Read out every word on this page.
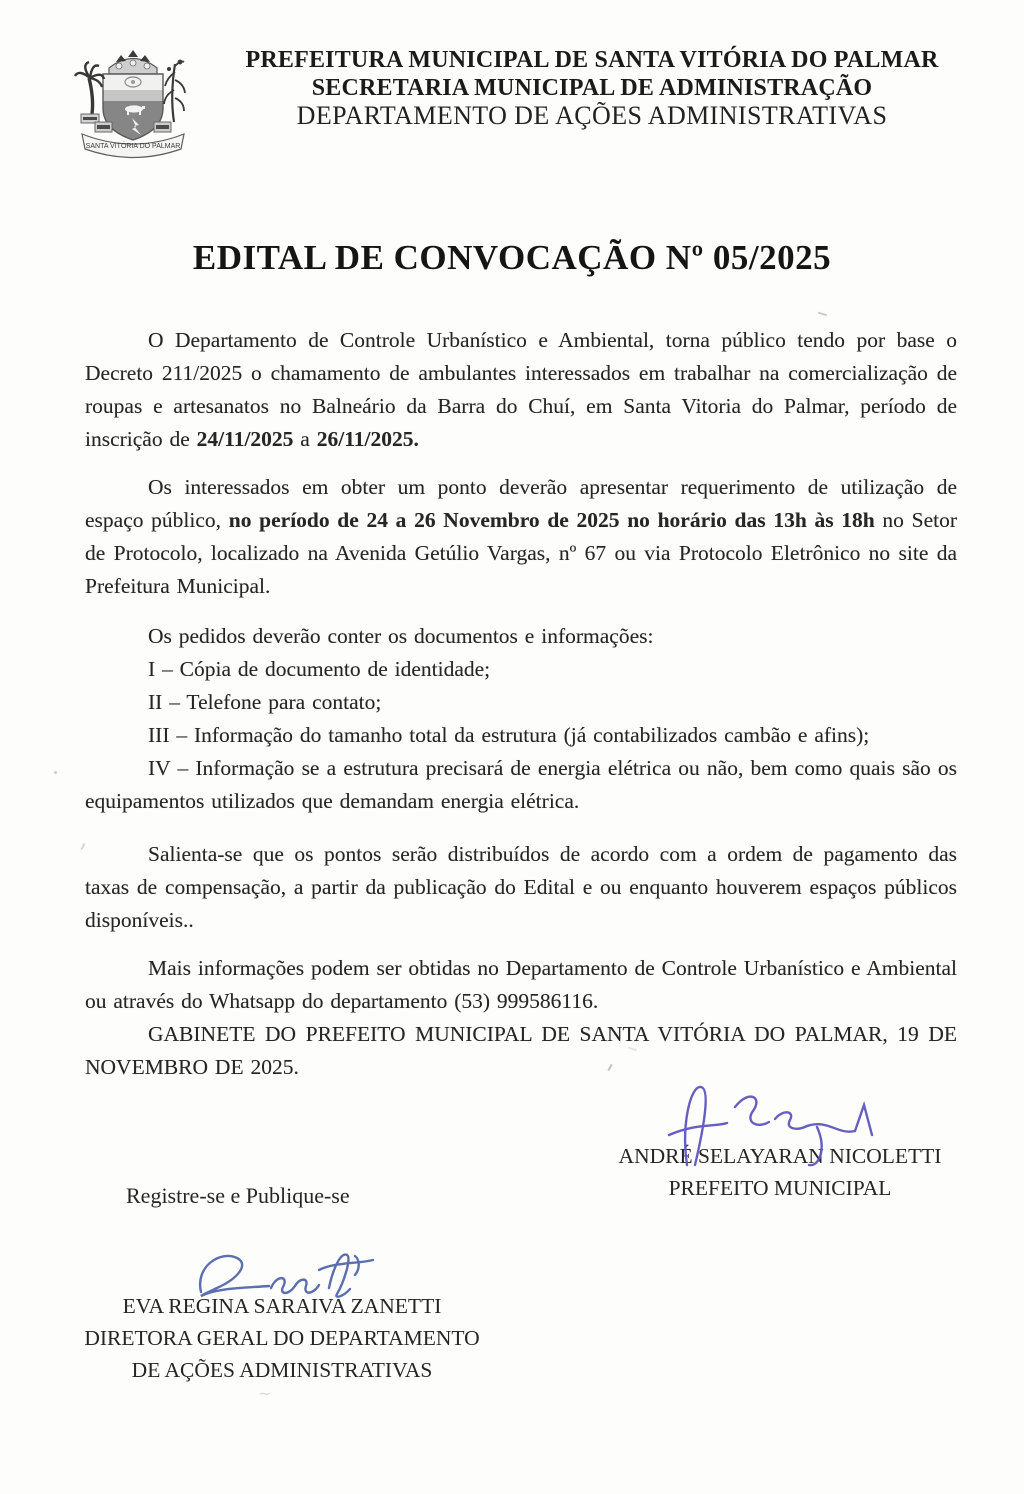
SANTA VITÓRIA DO PALMAR
PREFEITURA MUNICIPAL DE SANTA VITÓRIA DO PALMAR
SECRETARIA MUNICIPAL DE ADMINISTRAÇÃO
DEPARTAMENTO DE AÇÕES ADMINISTRATIVAS
EDITAL DE CONVOCAÇÃO Nº 05/2025

O Departamento de Controle Urbanístico e Ambiental, torna público tendo por base o Decreto 211/2025 o chamamento de ambulantes interessados em trabalhar na comercialização de roupas e artesanatos no Balneário da Barra do Chuí, em Santa Vitoria do Palmar, período de inscrição de 24/11/2025 a 26/11/2025.

Os interessados em obter um ponto deverão apresentar requerimento de utilização de espaço público, no período de 24 a 26 Novembro de 2025 no horário das 13h às 18h no Setor de Protocolo, localizado na Avenida Getúlio Vargas, nº 67 ou via Protocolo Eletrônico no site da Prefeitura Municipal.

Os pedidos deverão conter os documentos e informações:

I – Cópia de documento de identidade;

II – Telefone para contato;

III – Informação do tamanho total da estrutura (já contabilizados cambão e afins);

IV – Informação se a estrutura precisará de energia elétrica ou não, bem como quais são os equipamentos utilizados que demandam energia elétrica.

Salienta-se que os pontos serão distribuídos de acordo com a ordem de pagamento das taxas de compensação, a partir da publicação do Edital e ou enquanto houverem espaços públicos disponíveis..

Mais informações podem ser obtidas no Departamento de Controle Urbanístico e Ambiental ou através do Whatsapp do departamento (53) 999586116.

GABINETE DO PREFEITO MUNICIPAL DE SANTA VITÓRIA DO PALMAR, 19 DE NOVEMBRO DE 2025.

ANDRÉ SELAYARAN NICOLETTI
PREFEITO MUNICIPAL
Registre-se e Publique-se
EVA REGINA SARAIVA ZANETTI
DIRETORA GERAL DO DEPARTAMENTO
DE AÇÕES ADMINISTRATIVAS
~
